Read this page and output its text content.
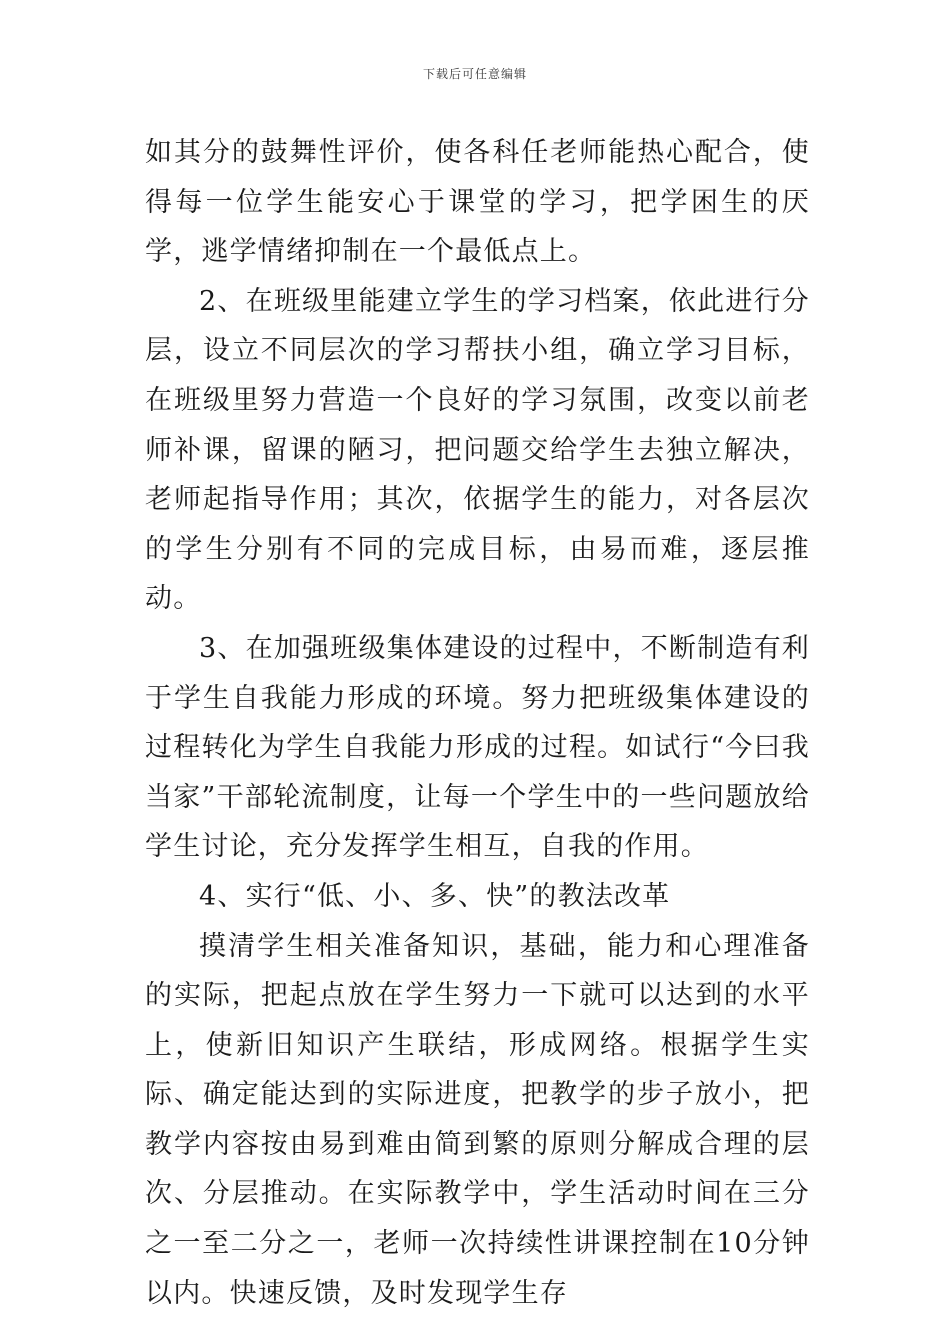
下载后可任意编辑

如其分的鼓舞性评价，使各科任老师能热心配合，使得每一位学生能安心于课堂的学习，把学困生的厌学，逃学情绪抑制在一个最低点上。

2、在班级里能建立学生的学习档案，依此进行分层，设立不同层次的学习帮扶小组，确立学习目标，在班级里努力营造一个良好的学习氛围，改变以前老师补课，留课的陋习，把问题交给学生去独立解决，老师起指导作用；其次，依据学生的能力，对各层次的学生分别有不同的完成目标，由易而难，逐层推动。

3、在加强班级集体建设的过程中，不断制造有利于学生自我能力形成的环境。努力把班级集体建设的过程转化为学生自我能力形成的过程。如试行“今曰我当家”干部轮流制度，让每一个学生中的一些问题放给学生讨论，充分发挥学生相互，自我的作用。

4、实行“低、小、多、快”的教法改革

摸清学生相关准备知识，基础，能力和心理准备的实际，把起点放在学生努力一下就可以达到的水平上，使新旧知识产生联结，形成网络。根据学生实际、确定能达到的实际进度，把教学的步子放小，把教学内容按由易到难由简到繁的原则分解成合理的层次、分层推动。在实际教学中，学生活动时间在三分之一至二分之一，老师一次持续性讲课控制在10分钟以内。快速反馈，及时发现学生存
